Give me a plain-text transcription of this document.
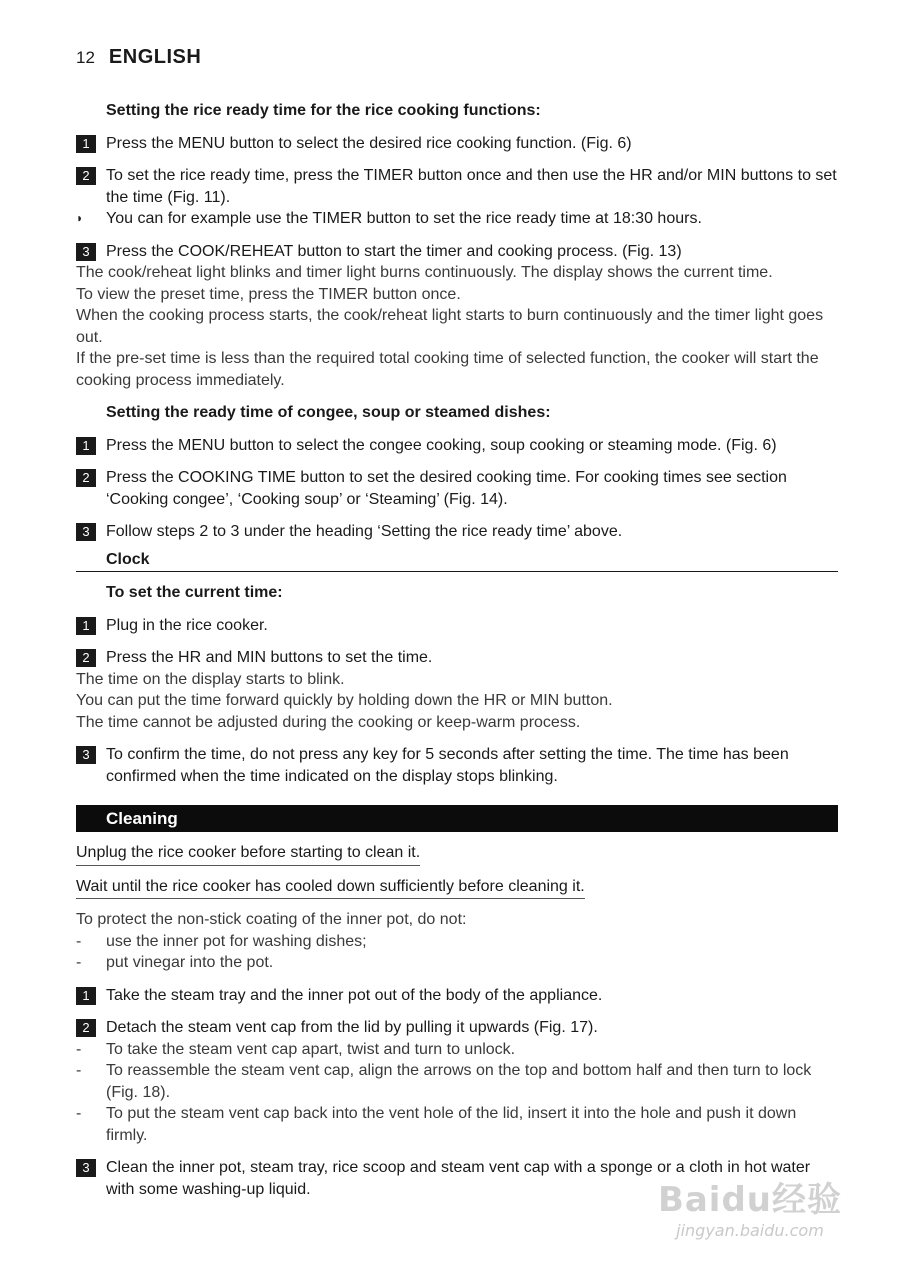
12 ENGLISH

Setting the rice ready time for the rice cooking functions:

1	Press the MENU button to select the desired rice cooking function. (Fig. 6)
2	To set the rice ready time, press the TIMER button once and then use the HR and/or MIN buttons to set the time (Fig. 11).
◗	You can for example use the TIMER button to set the rice ready time at 18:30 hours.
3	Press the COOK/REHEAT button to start the timer and cooking process. (Fig. 13)

The cook/reheat light blinks and timer light burns continuously. The display shows the current time.

To view the preset time, press the TIMER button once.

When the cooking process starts, the cook/reheat light starts to burn continuously and the timer light goes out.

If the pre-set time is less than the required total cooking time of selected function, the cooker will start the cooking process immediately.

Setting the ready time of congee, soup or steamed dishes:

1	Press the MENU button to select the congee cooking, soup cooking or steaming mode. (Fig. 6)
2	Press the COOKING TIME button to set the desired cooking time. For cooking times see section ‘Cooking congee’, ‘Cooking soup’ or ‘Steaming’ (Fig. 14).
3	Follow steps 2 to 3 under the heading ‘Setting the rice ready time’ above.

Clock

To set the current time:

1	Plug in the rice cooker.
2	Press the HR and MIN buttons to set the time.

The time on the display starts to blink.

You can put the time forward quickly by holding down the HR or MIN button.

The time cannot be adjusted during the cooking or keep-warm process.

3	To confirm the time, do not press any key for 5 seconds after setting the time. The time has been confirmed when the time indicated on the display stops blinking.
Cleaning
Unplug the rice cooker before starting to clean it.
Wait until the rice cooker has cooled down sufficiently before cleaning it.

To protect the non-stick coating of the inner pot, do not:

-	use the inner pot for washing dishes;
-	put vinegar into the pot.
1	Take the steam tray and the inner pot out of the body of the appliance.
2	Detach the steam vent cap from the lid by pulling it upwards (Fig. 17).
-	To take the steam vent cap apart, twist and turn to unlock.
-	To reassemble the steam vent cap, align the arrows on the top and bottom half and then turn to lock (Fig. 18).
-	To put the steam vent cap back into the vent hole of the lid, insert it into the hole and push it down firmly.
3	Clean the inner pot, steam tray, rice scoop and steam vent cap with a sponge or a cloth in hot water with some washing-up liquid.	Baidu经验
jingyan.baidu.com
